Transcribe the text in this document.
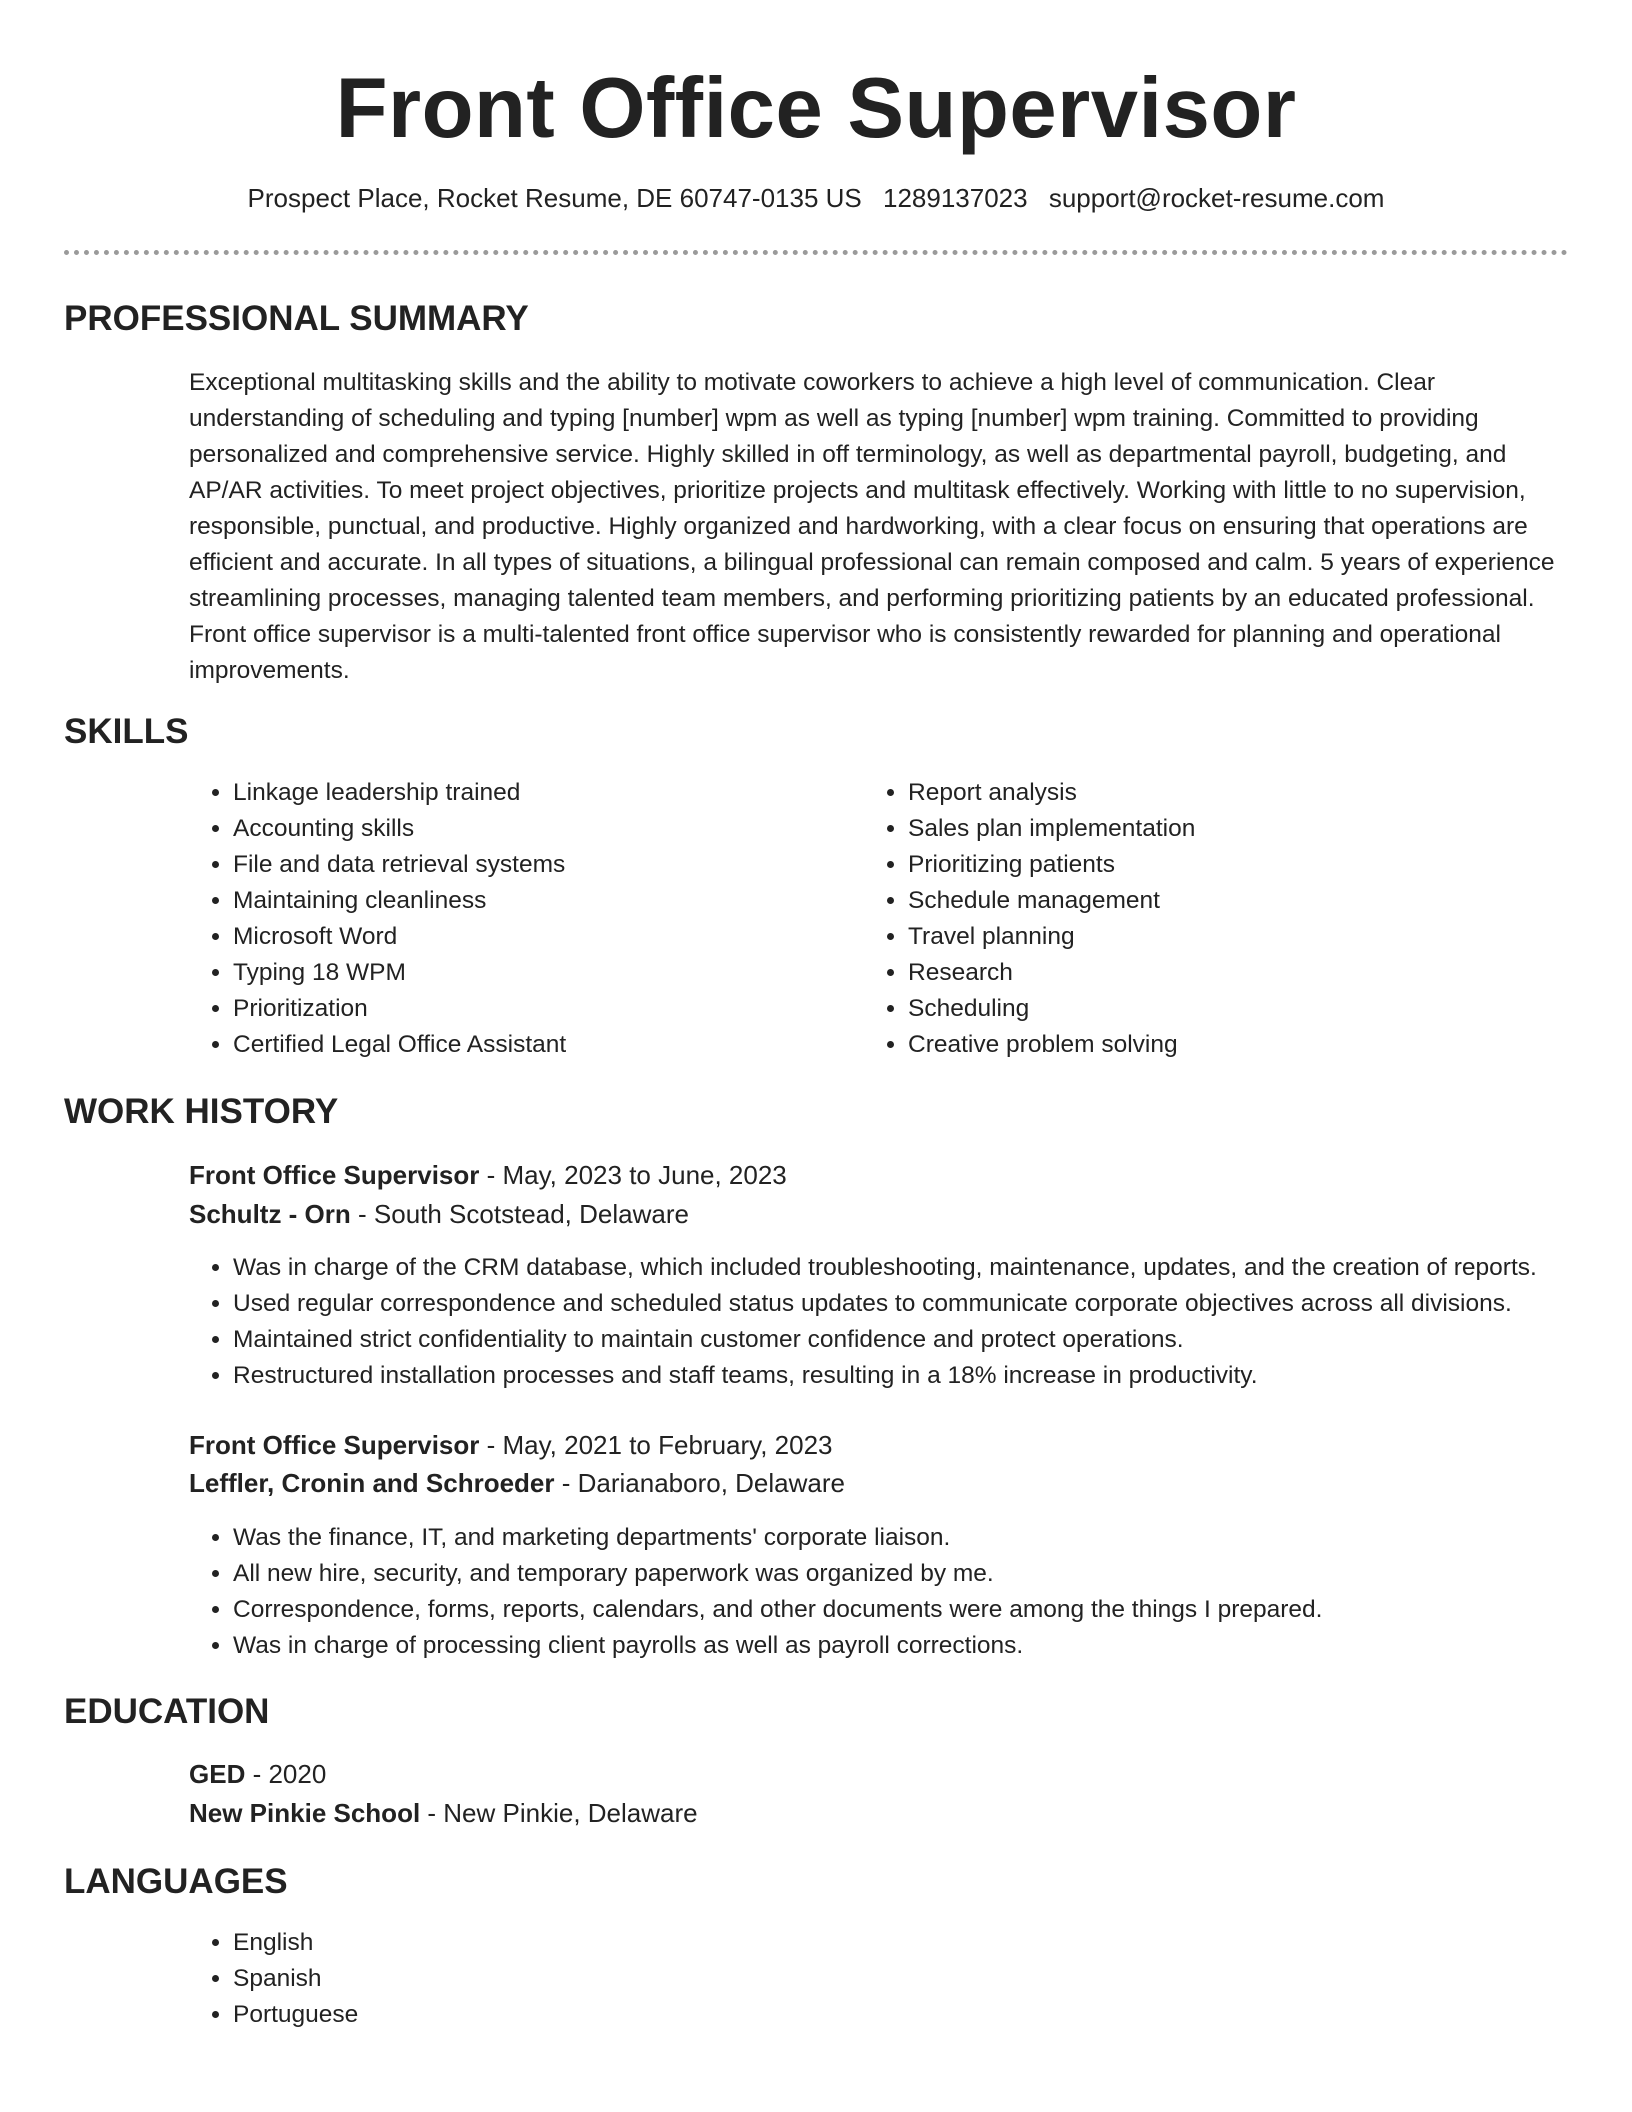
Front Office Supervisor
Prospect Place, Rocket Resume, DE 60747-0135 US 1289137023 support@rocket-resume.com
PROFESSIONAL SUMMARY

Exceptional multitasking skills and the ability to motivate coworkers to achieve a high level of communication. Clear understanding of scheduling and typing [number] wpm as well as typing [number] wpm training. Committed to providing personalized and comprehensive service. Highly skilled in off terminology, as well as departmental payroll, budgeting, and AP/AR activities. To meet project objectives, prioritize projects and multitask effectively. Working with little to no supervision, responsible, punctual, and productive. Highly organized and hardworking, with a clear focus on ensuring that operations are efficient and accurate. In all types of situations, a bilingual professional can remain composed and calm. 5 years of experience streamlining processes, managing talented team members, and performing prioritizing patients by an educated professional. Front office supervisor is a multi-talented front office supervisor who is consistently rewarded for planning and operational improvements.

SKILLS
• Linkage leadership trained
• Accounting skills
• File and data retrieval systems
• Maintaining cleanliness
• Microsoft Word
• Typing 18 WPM
• Prioritization
• Certified Legal Office Assistant
• Report analysis
• Sales plan implementation
• Prioritizing patients
• Schedule management
• Travel planning
• Research
• Scheduling
• Creative problem solving
WORK HISTORY
Front Office Supervisor - May, 2023 to June, 2023
Schultz - Orn - South Scotstead, Delaware
• Was in charge of the CRM database, which included troubleshooting, maintenance, updates, and the creation of reports.
• Used regular correspondence and scheduled status updates to communicate corporate objectives across all divisions.
• Maintained strict confidentiality to maintain customer confidence and protect operations.
• Restructured installation processes and staff teams, resulting in a 18% increase in productivity.
Front Office Supervisor - May, 2021 to February, 2023
Leffler, Cronin and Schroeder - Darianaboro, Delaware
• Was the finance, IT, and marketing departments' corporate liaison.
• All new hire, security, and temporary paperwork was organized by me.
• Correspondence, forms, reports, calendars, and other documents were among the things I prepared.
• Was in charge of processing client payrolls as well as payroll corrections.
EDUCATION
GED - 2020
New Pinkie School - New Pinkie, Delaware
LANGUAGES
• English
• Spanish
• Portuguese
